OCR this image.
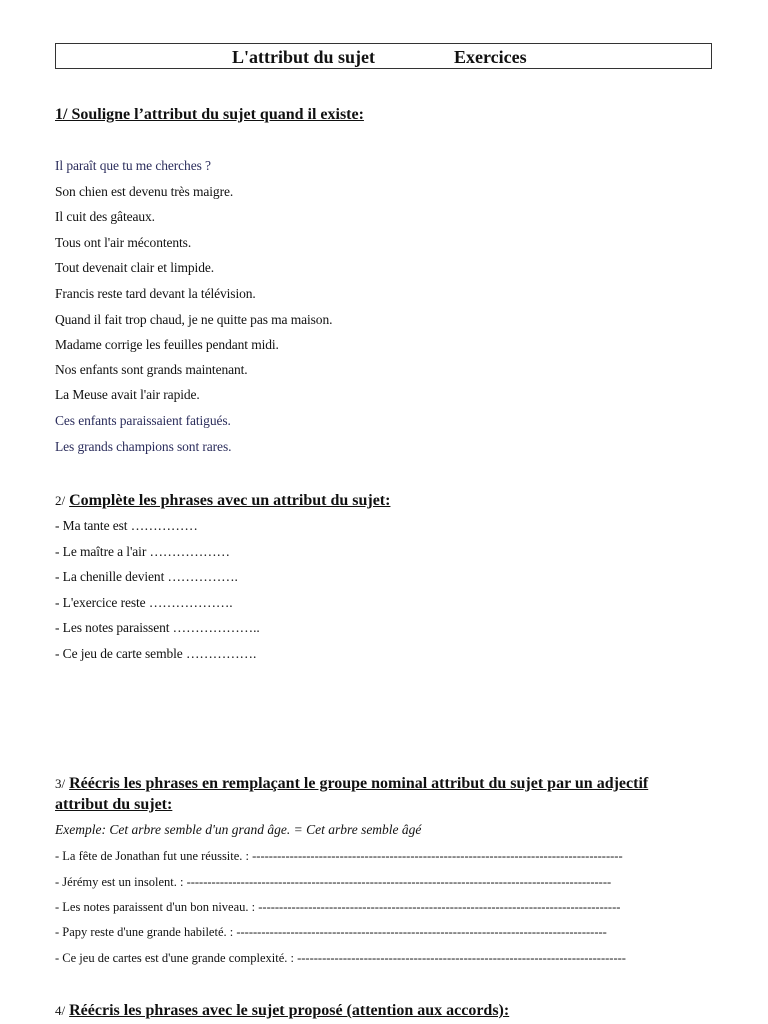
L'attribut du sujet	Exercices
1/ Souligne l’attribut du sujet quand il existe:
Il paraît que tu me cherches ?
Son chien est devenu très maigre.
Il cuit des gâteaux.
Tous ont l'air mécontents.
Tout devenait clair et limpide.
Francis reste tard devant la télévision.
Quand il fait trop chaud, je ne quitte pas ma maison.
Madame corrige les feuilles pendant midi.
Nos enfants sont grands maintenant.
La Meuse avait l'air rapide.
Ces enfants paraissaient fatigués.
Les grands champions sont rares.
2/ Complète les phrases avec un attribut du sujet:
- Ma tante est ……………
- Le maître a l'air ………………
- La chenille devient …………….
- L'exercice reste ……………….
- Les notes paraissent ………………..
- Ce jeu de carte semble …………….
3/ Réécris les phrases en remplaçant le groupe nominal attribut du sujet par un adjectif
attribut du sujet:
Exemple: Cet arbre semble d'un grand âge. = Cet arbre semble âgé
- La fête de Jonathan fut une réussite. : -----------------------------------------------------------------------------------------
- Jérémy est un insolent. : ------------------------------------------------------------------------------------------------------
- Les notes paraissent d'un bon niveau. : ---------------------------------------------------------------------------------------
- Papy reste d'une grande habileté. : -----------------------------------------------------------------------------------------
- Ce jeu de cartes est d'une grande complexité. : -------------------------------------------------------------------------------
4/ Réécris les phrases avec le sujet proposé (attention aux accords):
